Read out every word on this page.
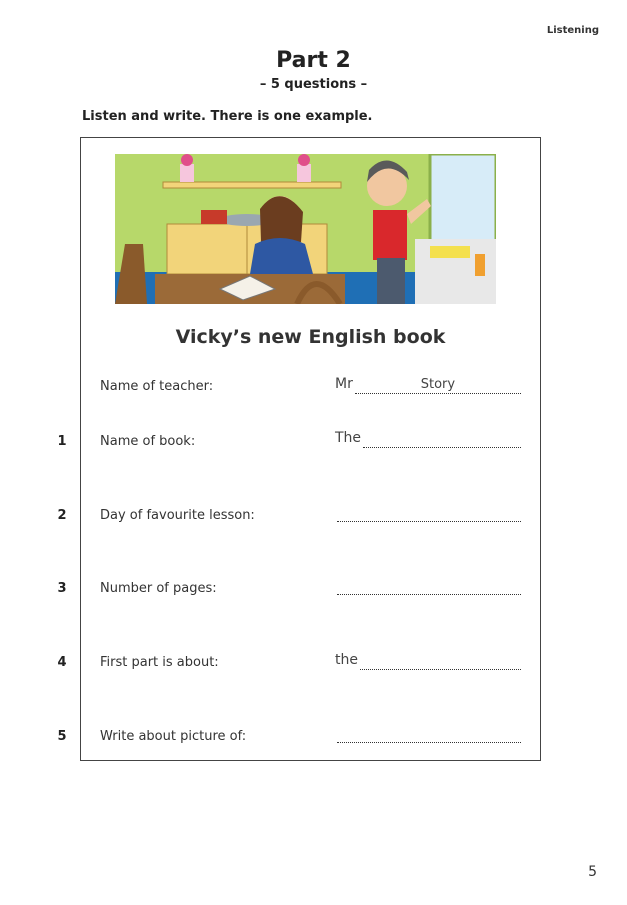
Listening
Part 2
– 5 questions –
Listen and write. There is one example.
Vicky’s new English book
Name of teacher:	Mr	Story
1	Name of book:	The
2	Day of favourite lesson:
3	Number of pages:
4	First part is about:	the
5	Write about picture of:
5
